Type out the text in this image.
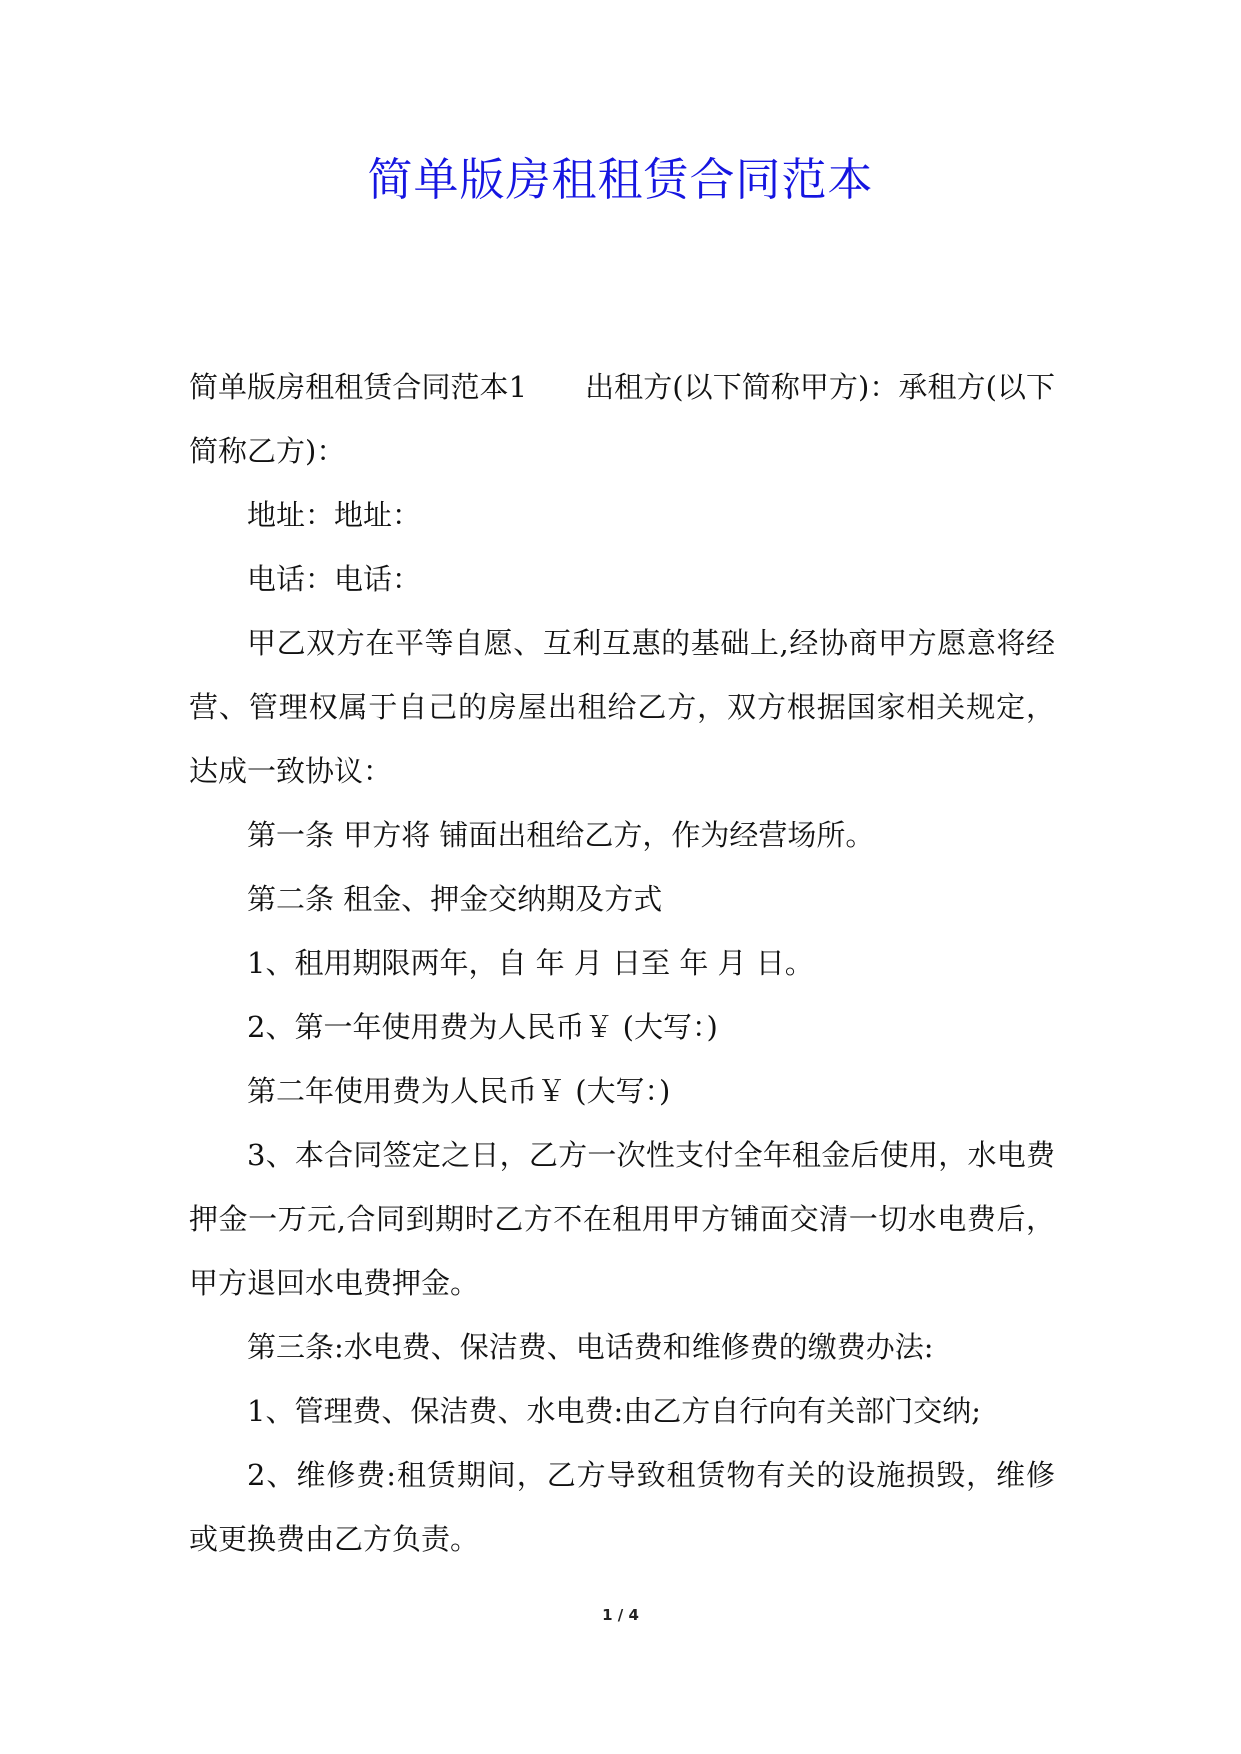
简单版房租租赁合同范本

简单版房租租赁合同范本1 出租方(以下简称甲方)：承租方(以下简称乙方)：

地址：地址：

电话：电话：

甲乙双方在平等自愿、互利互惠的基础上,经协商甲方愿意将经营、管理权属于自己的房屋出租给乙方，双方根据国家相关规定，达成一致协议：

第一条 甲方将 铺面出租给乙方，作为经营场所。

第二条 租金、押金交纳期及方式

1、租用期限两年，自 年 月 日至 年 月 日。

2、第一年使用费为人民币￥ (大写：)

第二年使用费为人民币￥ (大写：)

3、本合同签定之日，乙方一次性支付全年租金后使用，水电费押金一万元,合同到期时乙方不在租用甲方铺面交清一切水电费后，甲方退回水电费押金。

第三条:水电费、保洁费、电话费和维修费的缴费办法:

1、管理费、保洁费、水电费:由乙方自行向有关部门交纳;

2、维修费:租赁期间，乙方导致租赁物有关的设施损毁，维修或更换费由乙方负责。

1 / 4
